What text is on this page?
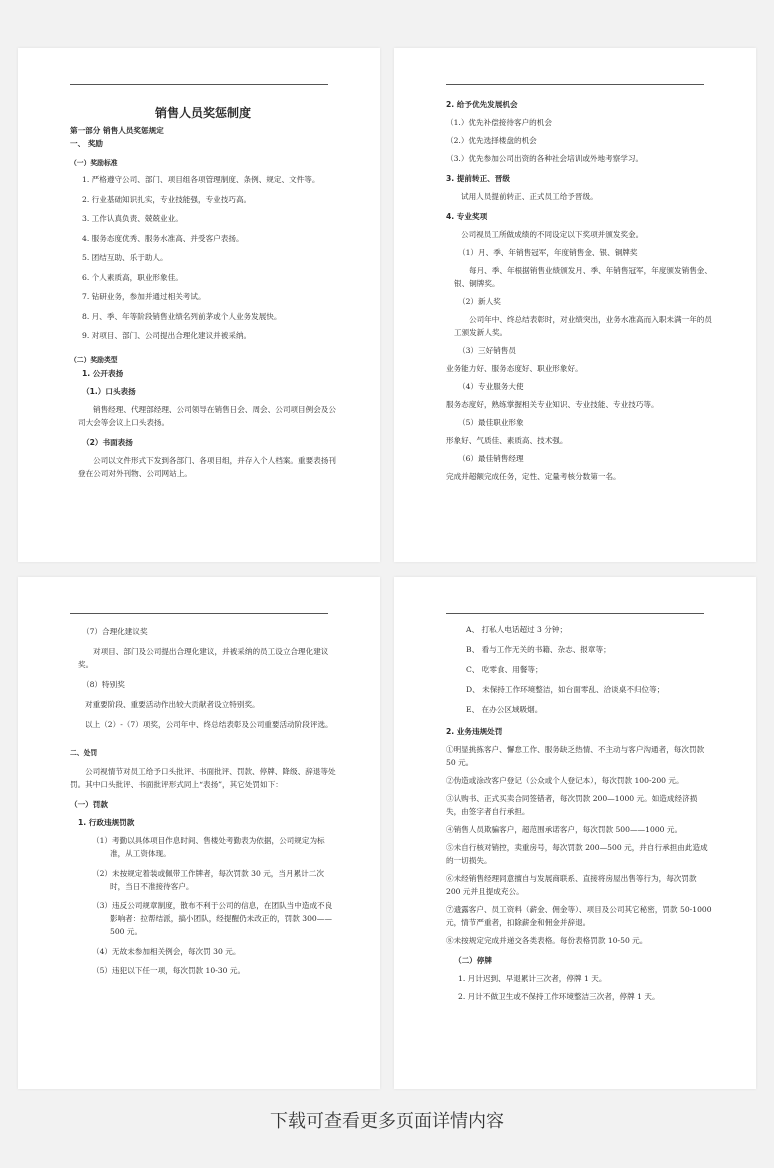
销售人员奖惩制度

第一部分 销售人员奖惩规定

一、 奖励

（一）奖励标准

1. 严格遵守公司、部门、项目组各项管理制度、条例、规定、文件等。

2. 行业基础知识扎实，专业技能强，专业技巧高。

3. 工作认真负责、兢兢业业。

4. 服务态度优秀、服务水准高、并受客户表扬。

5. 团结互助、乐于助人。

6. 个人素质高，职业形象佳。

7. 钻研业务，参加并通过相关考试。

8. 月、季、年等阶段销售业绩名列前茅或个人业务发展快。

9. 对项目、部门、公司提出合理化建议并被采纳。

（二）奖励类型

1. 公开表扬

（1.）口头表扬

销售经理、代理部经理、公司领导在销售日会、周会、公司项目例会及公司大会等会议上口头表扬。

（2）书面表扬

公司以文件形式下发到各部门、各项目组，并存入个人档案。重要表扬刊登在公司对外刊物、公司网站上。

2. 给予优先发展机会

（1.）优先补偿接待客户的机会

（2.）优先选择楼盘的机会

（3.）优先参加公司出资的各种社会培训或外地考察学习。

3. 提前转正、晋级

试用人员提前转正、正式员工给予晋级。

4. 专业奖项

公司视员工所做成绩的不同设定以下奖项并颁发奖金。

（1）月、季、年销售冠军，年度销售金、银、铜牌奖

每月、季、年根据销售业绩颁发月、季、年销售冠军，年度颁发销售金、银、铜牌奖。

（2）新人奖

公司年中、终总结表彰时，对业绩突出，业务水准高而入职未满一年的员工颁发新人奖。

（3）三好销售员

业务能力好、服务态度好、职业形象好。

（4）专业服务大使

服务态度好，熟练掌握相关专业知识、专业技能、专业技巧等。

（5）最佳职业形象

形象好、气质佳、素质高、技术强。

（6）最佳销售经理

完成并超额完成任务，定性、定量考核分数第一名。

（7）合理化建议奖

对项目、部门及公司提出合理化建议，并被采纳的员工设立合理化建议奖。

（8）特别奖

对重要阶段、重要活动作出较大贡献者设立特别奖。

以上（2）-（7）项奖，公司年中、终总结表彰及公司重要活动阶段评选。

二、处罚

公司视情节对员工给予口头批评、书面批评、罚款、停牌、降级、辞退等处罚。其中口头批评、书面批评形式同上“表扬”，其它处罚如下：

（一）罚款

1. 行政违规罚款

（1）考勤以具体项目作息时间、售楼处考勤表为依据，公司规定为标准，从工资体现。

（2）未按规定着装或佩带工作牌者，每次罚款 30 元，当月累计二次时，当日不准接待客户。

（3）违反公司规章制度，散布不利于公司的信息，在团队当中造成不良影响者：拉帮结派，搞小团队，经提醒仍未改正的，罚款 300——500 元。

（4）无故未参加相关例会，每次罚 30 元。

（5）违犯以下任一项，每次罚款 10-30 元。

A、 打私人电话超过 3 分钟；

B、 看与工作无关的书籍、杂志、报章等；

C、 吃零食、用餐等；

D、 未保持工作环境整洁，如台面零乱、洽谈桌不归位等；

E、 在办公区域吸烟。

2. 业务违规处罚

①明显挑拣客户、懈怠工作、服务缺乏热情、不主动与客户沟通者，每次罚款 50 元。

②伪造或涂改客户登记（公众或个人登记本），每次罚款 100-200 元。

③认购书、正式买卖合同签错者，每次罚款 200—1000 元。如造成经济损失，由签字者自行承担。

④销售人员欺骗客户，超范围承诺客户，每次罚款 500——1000 元。

⑤未自行核对销控，卖重房号，每次罚款 200—500 元，并自行承担由此造成的一切损失。

⑥未经销售经理同意擅自与发展商联系、直接将房屋出售等行为，每次罚款 200 元并且提成充公。

⑦遗露客户、员工资料（薪金、佣金等）、项目及公司其它秘密，罚款 50-1000 元，情节严重者，扣除薪金和佣金并辞退。

⑧未按规定完成并递交各类表格。每份表格罚款 10-50 元。

（二）停牌

1. 月计迟到、早退累计三次者，停牌 1 天。

2. 月计不做卫生或不保持工作环境整洁三次者，停牌 1 天。

下载可查看更多页面详情内容
